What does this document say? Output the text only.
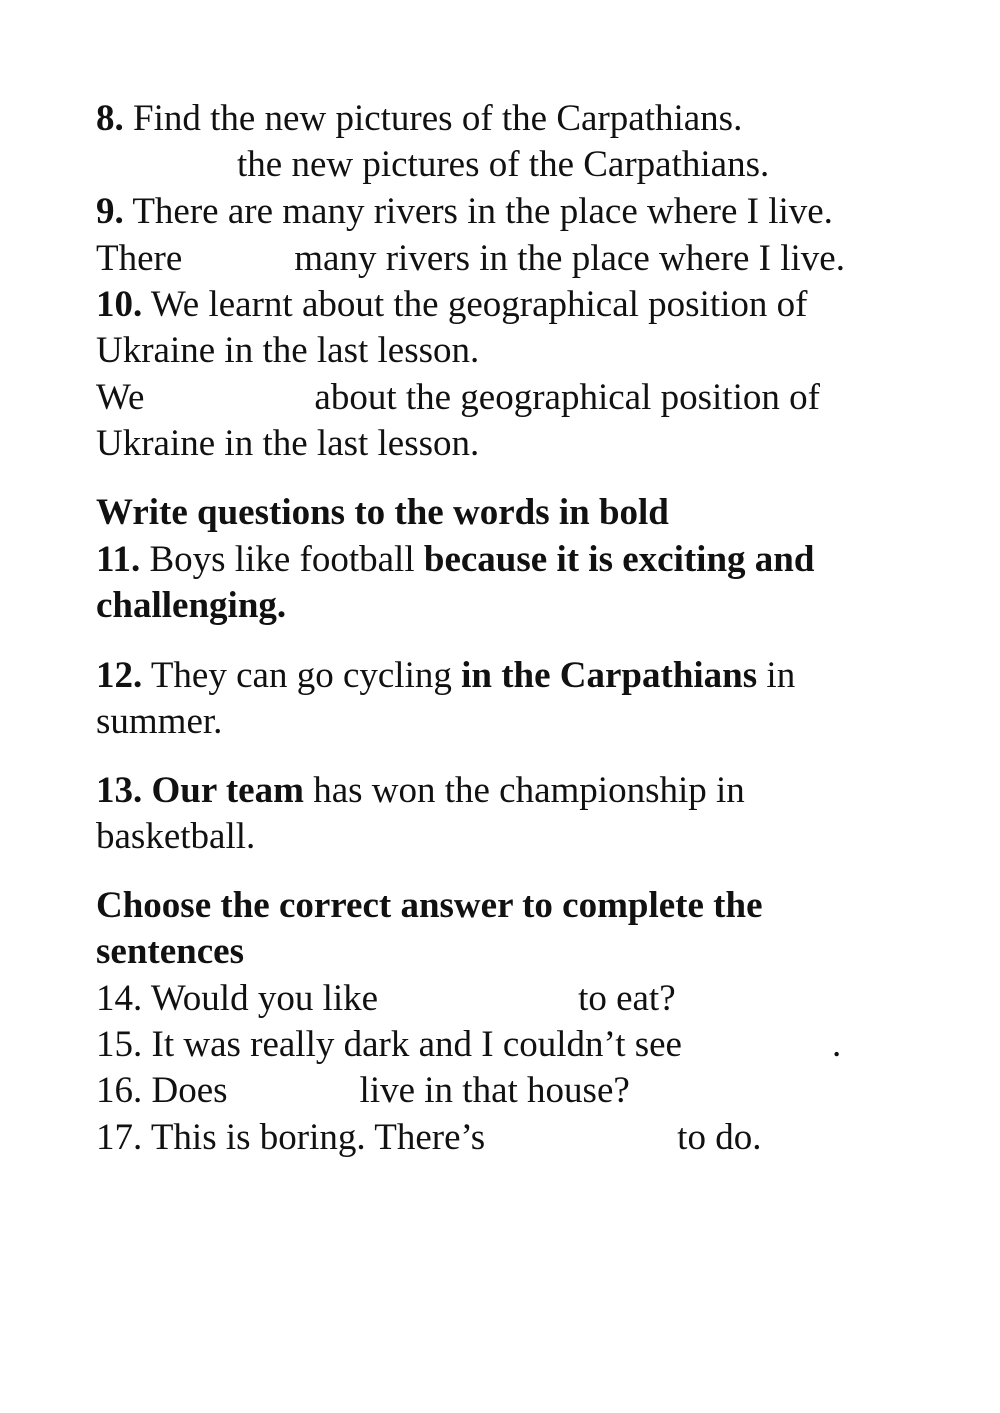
8. Find the new pictures of the Carpathians.
the new pictures of the Carpathians.
9. There are many rivers in the place where I live.
There	many rivers in the place where I live.
10. We learnt about the geographical position of
Ukraine in the last lesson.
We	about the geographical position of
Ukraine in the last lesson.
Write questions to the words in bold
11. Boys like football because it is exciting and
challenging.
12. They can go cycling in the Carpathians in
summer.
13. Our team has won the championship in
basketball.
Choose the correct answer to complete the
sentences
14. Would you like	to eat?
15. It was really dark and I couldn’t see	.
16. Does	live in that house?
17. This is boring. There’s	to do.
